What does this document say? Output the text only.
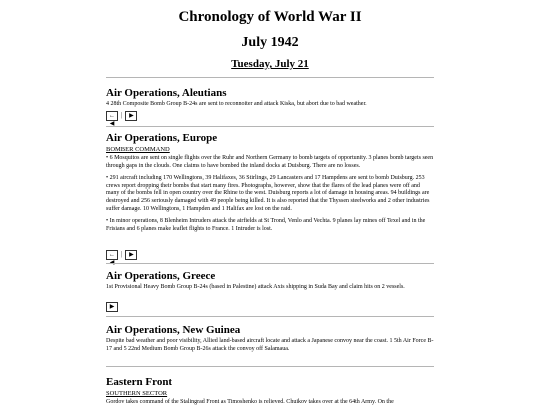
Chronology of World War II
July 1942
Tuesday, July 21
Air Operations, Aleutians

4 28th Composite Bomb Group B-24s are sent to reconnoiter and attack Kiska, but abort due to bad weather.

← ◀
|	▶
Air Operations, Europe

BOMBER COMMAND

• 6 Mosquitos are sent on single flights over the Ruhr and Northern Germany to bomb targets of opportunity. 3 planes bomb targets seen through gaps in the clouds. One claims to have bombed the inland docks at Duisburg. There are no losses.

• 291 aircraft including 170 Wellingtons, 39 Halifaxes, 36 Stirlings, 29 Lancasters and 17 Hampdens are sent to bomb Duisburg. 253 crews report dropping their bombs that start many fires. Photographs, however, show that the flares of the lead planes were off and many of the bombs fell in open country over the Rhine to the west. Duisburg reports a lot of damage in housing areas. 94 buildings are destroyed and 256 seriously damaged with 49 people being killed. It is also reported that the Thyssen steelworks and 2 other industries suffer damage. 10 Wellingtons, 1 Hampden and 1 Halifax are lost on the raid.

• In minor operations, 8 Blenheim Intruders attack the airfields at St Trond, Venlo and Vechta. 9 planes lay mines off Texel and in the Frisians and 6 planes make leaflet flights to France. 1 Intruder is lost.

← ◀
|	▶
Air Operations, Greece

1st Provisional Heavy Bomb Group B-24s (based in Palestine) attack Axis shipping in Suda Bay and claim hits on 2 vessels.

▶
Air Operations, New Guinea

Despite bad weather and poor visibility, Allied land-based aircraft locate and attack a Japanese convoy near the coast. 1 5th Air Force B-17 and 5 22nd Medium Bomb Group B-26s attack the convoy off Salamaua.

Eastern Front

SOUTHERN SECTOR

Gordov takes command of the Stalingrad Front as Timoshenko is relieved. Chuikov takes over at the 64th Army. On the
